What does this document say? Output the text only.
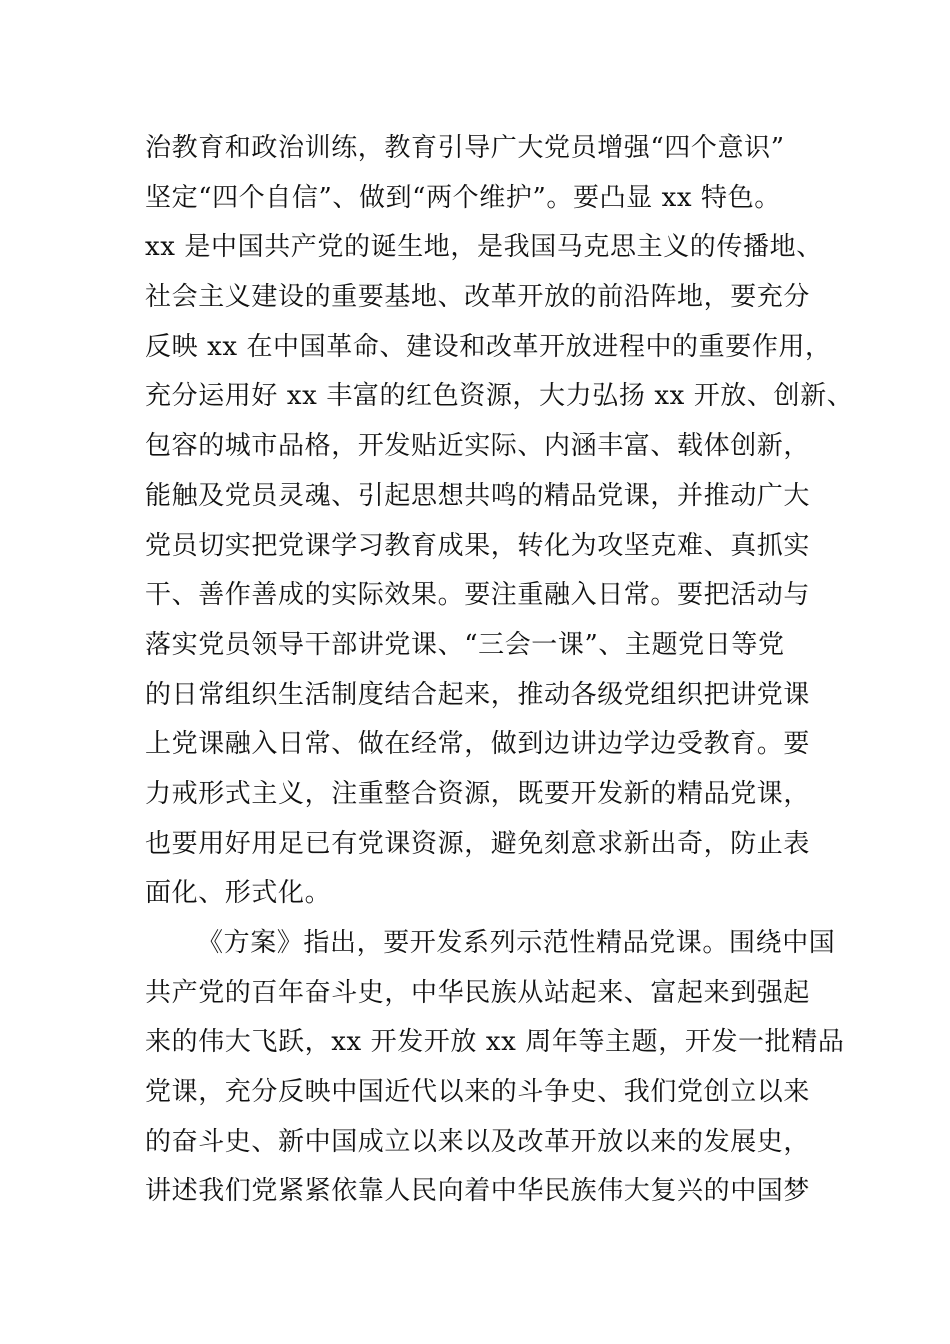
治教育和政治训练，教育引导广大党员增强“四个意识”
坚定“四个自信”、做到“两个维护”。要凸显 xx 特色。
xx 是中国共产党的诞生地，是我国马克思主义的传播地、
社会主义建设的重要基地、改革开放的前沿阵地，要充分
反映 xx 在中国革命、建设和改革开放进程中的重要作用，
充分运用好 xx 丰富的红色资源，大力弘扬 xx 开放、创新、
包容的城市品格，开发贴近实际、内涵丰富、载体创新，
能触及党员灵魂、引起思想共鸣的精品党课，并推动广大
党员切实把党课学习教育成果，转化为攻坚克难、真抓实
干、善作善成的实际效果。要注重融入日常。要把活动与
落实党员领导干部讲党课、“三会一课”、主题党日等党
的日常组织生活制度结合起来，推动各级党组织把讲党课
上党课融入日常、做在经常，做到边讲边学边受教育。要
力戒形式主义，注重整合资源，既要开发新的精品党课，
也要用好用足已有党课资源，避免刻意求新出奇，防止表
面化、形式化。
《方案》指出，要开发系列示范性精品党课。围绕中国
共产党的百年奋斗史，中华民族从站起来、富起来到强起
来的伟大飞跃，xx 开发开放 xx 周年等主题，开发一批精品
党课，充分反映中国近代以来的斗争史、我们党创立以来
的奋斗史、新中国成立以来以及改革开放以来的发展史，
讲述我们党紧紧依靠人民向着中华民族伟大复兴的中国梦
